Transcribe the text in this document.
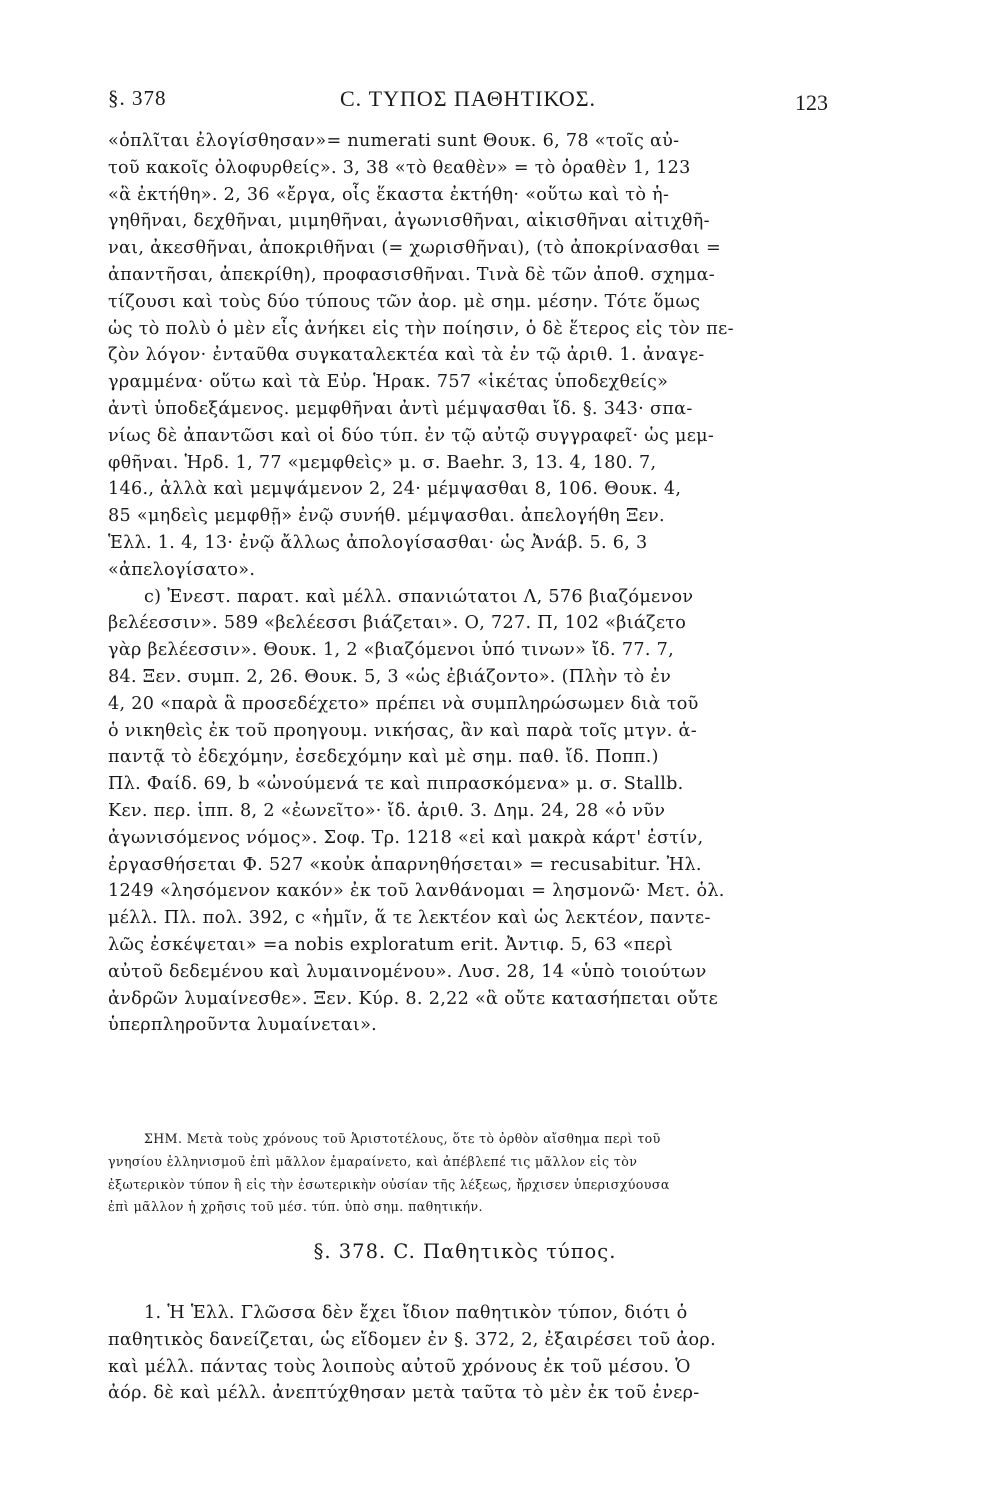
§. 378	C. ΤΥΠΟΣ ΠΑΘΗΤΙΚΟΣ.	123
«ὁπλῖται ἐλογίσθησαν»= numerati sunt Θουκ. 6, 78 «τοῖς αὐ-
τοῦ κακοῖς ὀλοφυρθείς». 3, 38 «τὸ θεαθὲν» = τὸ ὁραθὲν 1, 123
«ἃ ἐκτήθη». 2, 36 «ἔργα, οἷς ἕκαστα ἐκτήθη· «οὕτω καὶ τὸ ἡ-
γηθῆναι, δεχθῆναι, μιμηθῆναι, ἀγωνισθῆναι, αἰκισθῆναι αἰτιχθῆ-
ναι, ἀκεσθῆναι, ἀποκριθῆναι (= χωρισθῆναι), (τὸ ἀποκρίνασθαι =
ἀπαντῆσαι, ἀπεκρίθη), προφασισθῆναι. Τινὰ δὲ τῶν ἀποθ. σχημα-
τίζουσι καὶ τοὺς δύο τύπους τῶν ἀορ. μὲ σημ. μέσην. Τότε ὅμως
ὡς τὸ πολὺ ὁ μὲν εἷς ἀνήκει εἰς τὴν ποίησιν, ὁ δὲ ἕτερος εἰς τὸν πε-
ζὸν λόγον· ἐνταῦθα συγκαταλεκτέα καὶ τὰ ἐν τῷ ἀριθ. 1. ἀναγε-
γραμμένα· οὕτω καὶ τὰ Εὐρ. Ἡρακ. 757 «ἱκέτας ὑποδεχθείς»
ἀντὶ ὑποδεξάμενος. μεμφθῆναι ἀντὶ μέμψασθαι ἴδ. §. 343· σπα-
νίως δὲ ἀπαντῶσι καὶ οἱ δύο τύπ. ἐν τῷ αὐτῷ συγγραφεῖ· ὡς μεμ-
φθῆναι. Ἡρδ. 1, 77 «μεμφθεὶς» μ. σ. Baehr. 3, 13. 4, 180. 7,
146., ἀλλὰ καὶ μεμψάμενον 2, 24· μέμψασθαι 8, 106. Θουκ. 4,
85 «μηδεὶς μεμφθῇ» ἐνῷ συνήθ. μέμψασθαι. ἀπελογήθη Ξεν.
Ἑλλ. 1. 4, 13· ἐνῷ ἄλλως ἀπολογίσασθαι· ὡς Ἀνάβ. 5. 6, 3
«ἀπελογίσατο».
c) Ἐνεστ. παρατ. καὶ μέλλ. σπανιώτατοι Λ, 576 βιαζόμενον
βελέεσσιν». 589 «βελέεσσι βιάζεται». Ο, 727. Π, 102 «βιάζετο
γὰρ βελέεσσιν». Θουκ. 1, 2 «βιαζόμενοι ὑπό τινων» ἴδ. 77. 7,
84. Ξεν. συμπ. 2, 26. Θουκ. 5, 3 «ὡς ἐβιάζοντο». (Πλὴν τὸ ἐν
4, 20 «παρὰ ἃ προσεδέχετο» πρέπει νὰ συμπληρώσωμεν διὰ τοῦ
ὁ νικηθεὶς ἐκ τοῦ προηγουμ. νικήσας, ἂν καὶ παρὰ τοῖς μτγν. ἁ-
παντᾷ τὸ ἐδεχόμην, ἐσεδεχόμην καὶ μὲ σημ. παθ. ἴδ. Ποππ.)
Πλ. Φαίδ. 69, b «ὠνούμενά τε καὶ πιπρασκόμενα» μ. σ. Stallb.
Κεν. περ. ἱππ. 8, 2 «ἐωνεῖτο»· ἴδ. ἀριθ. 3. Δημ. 24, 28 «ὁ νῦν
ἀγωνισόμενος νόμος». Σοφ. Τρ. 1218 «εἰ καὶ μακρὰ κάρτ' ἐστίν,
ἐργασθήσεται Φ. 527 «κοὐκ ἀπαρνηθήσεται» = recusabitur. Ἠλ.
1249 «λησόμενον κακόν» ἐκ τοῦ λανθάνομαι = λησμονῶ· Μετ. ὁλ.
μέλλ. Πλ. πολ. 392, c «ἡμῖν, ἅ τε λεκτέον καὶ ὡς λεκτέον, παντε-
λῶς ἐσκέψεται» =a nobis exploratum erit. Ἀντιφ. 5, 63 «περὶ
αὐτοῦ δεδεμένου καὶ λυμαινομένου». Λυσ. 28, 14 «ὑπὸ τοιούτων
ἀνδρῶν λυμαίνεσθε». Ξεν. Κύρ. 8. 2,22 «ἃ οὔτε κατασήπεται οὔτε
ὑπερπληροῦντα λυμαίνεται».
ΣΗΜ. Μετὰ τοὺς χρόνους τοῦ Ἀριστοτέλους, ὅτε τὸ ὀρθὸν αἴσθημα περὶ τοῦ
γνησίου ἑλληνισμοῦ ἐπὶ μᾶλλον ἐμαραίνετο, καὶ ἀπέβλεπέ τις μᾶλλον εἰς τὸν
ἐξωτερικὸν τύπον ἢ εἰς τὴν ἐσωτερικὴν οὐσίαν τῆς λέξεως, ἤρχισεν ὑπερισχύουσα
ἐπὶ μᾶλλον ἡ χρῆσις τοῦ μέσ. τύπ. ὑπὸ σημ. παθητικήν.
§. 378. C. Παθητικὸς τύπος.
1. Ἡ Ἑλλ. Γλῶσσα δὲν ἔχει ἴδιον παθητικὸν τύπον, διότι ὁ
παθητικὸς δανείζεται, ὡς εἴδομεν ἐν §. 372, 2, ἐξαιρέσει τοῦ ἀορ.
καὶ μέλλ. πάντας τοὺς λοιποὺς αὐτοῦ χρόνους ἐκ τοῦ μέσου. Ὁ
ἀόρ. δὲ καὶ μέλλ. ἀνεπτύχθησαν μετὰ ταῦτα τὸ μὲν ἐκ τοῦ ἐνερ-
